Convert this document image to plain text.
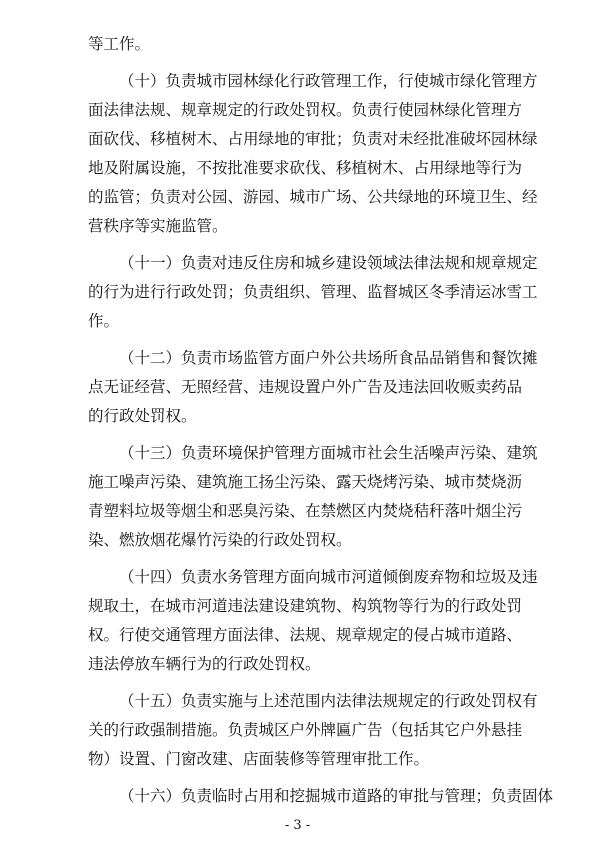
等工作。
（十）负责城市园林绿化行政管理工作，行使城市绿化管理方
面法律法规、规章规定的行政处罚权。负责行使园林绿化管理方
面砍伐、移植树木、占用绿地的审批；负责对未经批准破坏园林绿
地及附属设施，不按批准要求砍伐、移植树木、占用绿地等行为
的监管；负责对公园、游园、城市广场、公共绿地的环境卫生、经
营秩序等实施监管。
（十一）负责对违反住房和城乡建设领域法律法规和规章规定
的行为进行行政处罚；负责组织、管理、监督城区冬季清运冰雪工
作。
（十二）负责市场监管方面户外公共场所食品品销售和餐饮摊
点无证经营、无照经营、违规设置户外广告及违法回收贩卖药品
的行政处罚权。
（十三）负责环境保护管理方面城市社会生活噪声污染、建筑
施工噪声污染、建筑施工扬尘污染、露天烧烤污染、城市焚烧沥
青塑料垃圾等烟尘和恶臭污染、在禁燃区内焚烧秸秆落叶烟尘污
染、燃放烟花爆竹污染的行政处罚权。
（十四）负责水务管理方面向城市河道倾倒废弃物和垃圾及违
规取土，在城市河道违法建设建筑物、构筑物等行为的行政处罚
权。行使交通管理方面法律、法规、规章规定的侵占城市道路、
违法停放车辆行为的行政处罚权。
（十五）负责实施与上述范围内法律法规规定的行政处罚权有
关的行政强制措施。负责城区户外牌匾广告（包括其它户外悬挂
物）设置、门窗改建、店面装修等管理审批工作。
（十六）负责临时占用和挖掘城市道路的审批与管理；负责固体
- 3 -
